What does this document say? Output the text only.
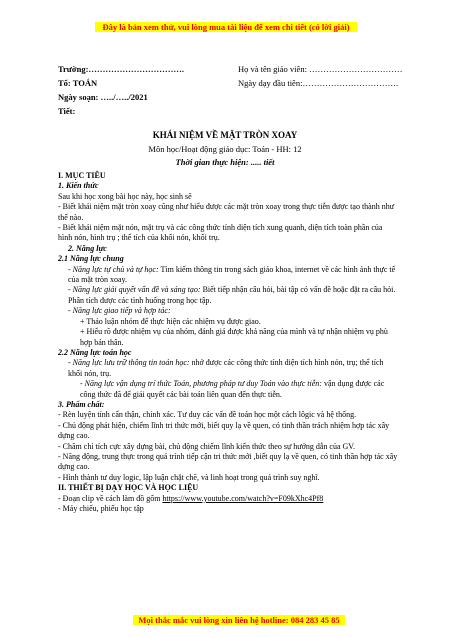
Đây là bản xem thử, vui lòng mua tài liệu để xem chi tiết (có lời giải)
Trường:…………………………….
Tổ: TOÁN
Ngày soạn: …../…../2021
Tiết:
Họ và tên giáo viên: ……………………………
Ngày dạy đầu tiên:…………………………….
KHÁI NIỆM VỀ MẶT TRÒN XOAY
Môn học/Hoạt động giáo dục: Toán - HH: 12
Thời gian thực hiện: ..... tiết

I. MỤC TIÊU

1. Kiến thức

Sau khi học xong bài học này, học sinh sẽ

- Biết khái niệm mặt tròn xoay cũng như hiểu được các mặt tròn xoay trong thực tiễn được tạo thành như thế nào.

- Biết khái niệm mặt nón, mặt trụ và các công thức tính diện tích xung quanh, diện tích toàn phần của hình nón, hình trụ ; thể tích của khối nón, khối trụ.

2. Năng lực

2.1 Năng lực chung

- Năng lực tự chủ và tự học: Tìm kiếm thông tin trong sách giáo khoa, internet về các hình ảnh thực tế của mặt tròn xoay.

- Năng lực giải quyết vấn đề và sáng tạo: Biết tiếp nhận câu hỏi, bài tập có vấn đề hoặc đặt ra câu hỏi. Phân tích được các tình huống trong học tập.

- Năng lực giao tiếp và hợp tác:

+ Thảo luận nhóm để thực hiện các nhiệm vụ được giao.

+ Hiểu rõ được nhiệm vụ của nhóm, đánh giá được khả năng của mình và tự nhận nhiệm vụ phù hợp bản thân.

2.2 Năng lực toán học

- Năng lực lưu trữ thông tin toán học: nhớ được các công thức tính diện tích hình nón, trụ; thể tích khối nón, trụ.

- Năng lực vận dụng trí thức Toán, phương pháp tư duy Toán vào thực tiễn: vận dụng được các công thức đã để giải quyết các bài toán liên quan đến thực tiễn.

3. Phẩm chất:

- Rèn luyện tính cẩn thận, chính xác. Tư duy các vấn đề toán học một cách lôgic và hệ thống.

- Chủ động phát hiện, chiếm lĩnh tri thức mới, biết quy lạ về quen, có tinh thần trách nhiệm hợp tác xây dựng cao.

- Chăm chỉ tích cực xây dựng bài, chủ động chiếm lĩnh kiến thức theo sự hướng dẫn của GV.

- Năng động, trung thực trong quá trình tiếp cận tri thức mới ,biết quy lạ về quen, có tinh thần hợp tác xây dựng cao.

- Hình thành tư duy logic, lập luận chặt chẽ, và linh hoạt trong quá trình suy nghĩ.

II. THIẾT BỊ DẠY HỌC VÀ HỌC LIỆU

- Đoạn clip về cách làm đồ gốm https://www.youtube.com/watch?v=F09kXhc4Pf8

- Máy chiếu, phiếu học tập

Mọi thắc mắc vui lòng xin liên hệ hotline: 084 283 45 85
